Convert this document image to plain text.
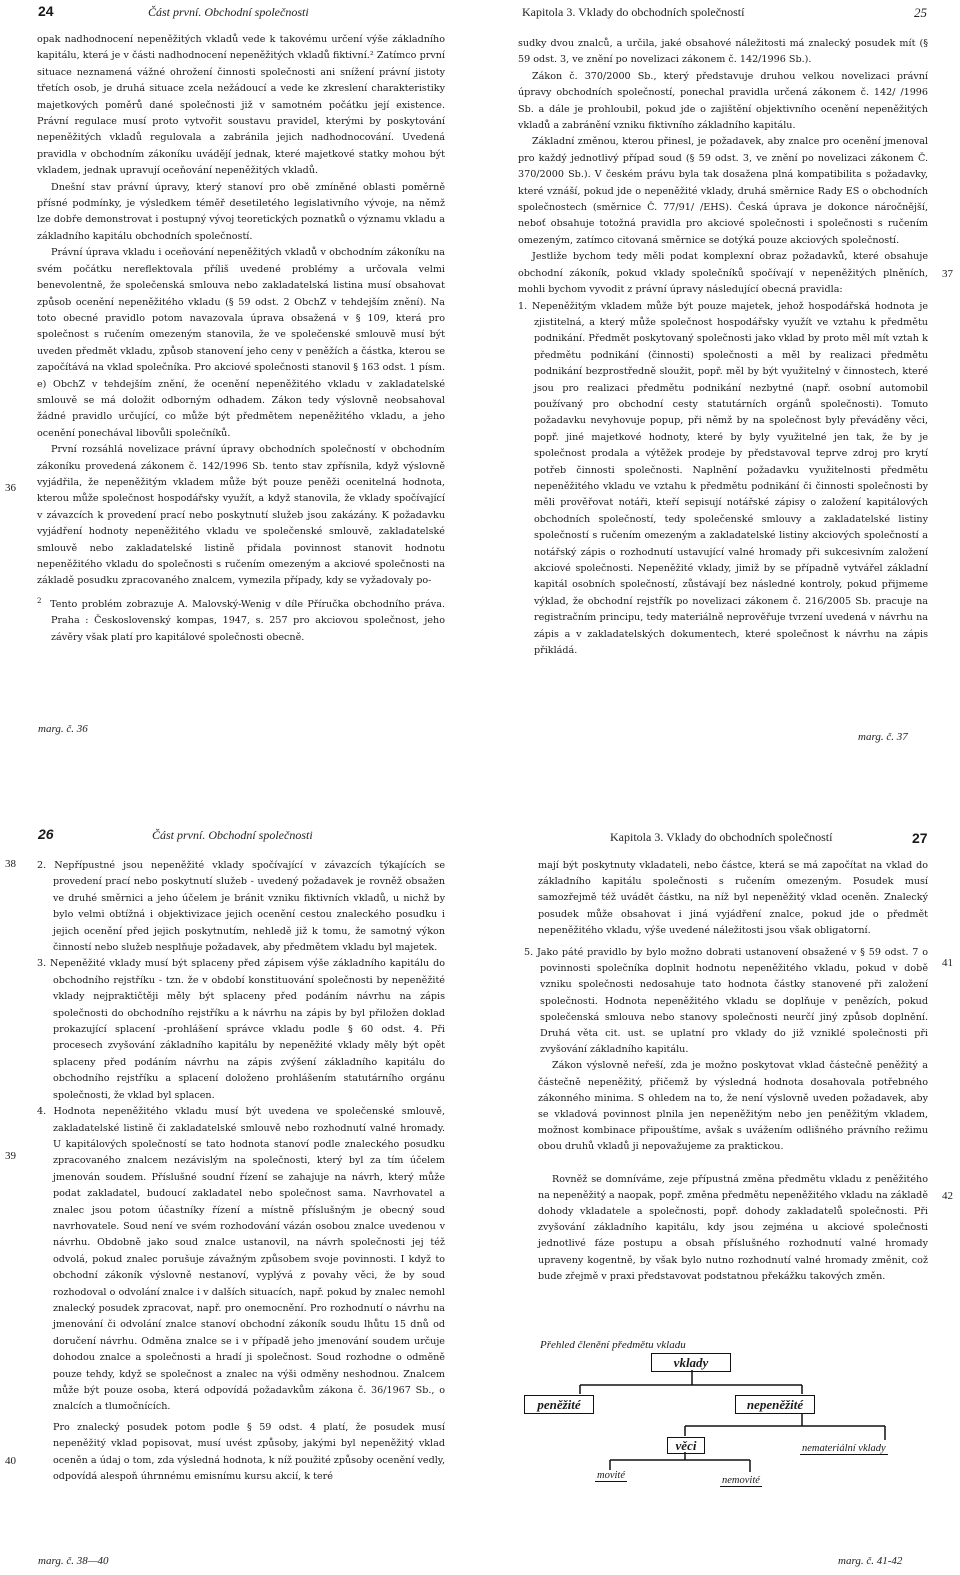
24	Část první. Obchodní společnosti

opak nadhodnocení nepeněžitých vkladů vede k takovému určení výše základního kapitálu, která je v části nadhodnocení nepeněžitých vkladů fiktivní.² Zatímco první situace neznamená vážné ohrožení činnosti společnosti ani snížení právní jistoty třetích osob, je druhá situace zcela nežádoucí a vede ke zkreslení charakteristiky majetkových poměrů dané společnosti již v samotném počátku její existence. Právní regulace musí proto vytvořit soustavu pravidel, kterými by poskytování nepeněžitých vkladů regulovala a zabránila jejich nadhodnocování. Uvedená pravidla v obchodním zákoníku uvádějí jednak, které majetkové statky mohou být vkladem, jednak upravují oceňování nepeněžitých vkladů.

Dnešní stav právní úpravy, který stanoví pro obě zmíněné oblasti poměrně přísné podmínky, je výsledkem téměř desetiletého legislativního vývoje, na němž lze dobře demonstrovat i postupný vývoj teoretických poznatků o významu vkladu a základního kapitálu obchodních společností.

Právní úprava vkladu i oceňování nepeněžitých vkladů v obchodním zákoníku na svém počátku nereflektovala příliš uvedené problémy a určovala velmi benevolentně, že společenská smlouva nebo zakladatelská listina musí obsahovat způsob ocenění nepeněžitého vkladu (§ 59 odst. 2 ObchZ v tehdejším znění). Na toto obecné pravidlo potom navazovala úprava obsažená v § 109, která pro společnost s ručením omezeným stanovila, že ve společenské smlouvě musí být uveden předmět vkladu, způsob stanovení jeho ceny v peněžích a částka, kterou se započítává na vklad společníka. Pro akciové společnosti stanovil § 163 odst. 1 písm. e) ObchZ v tehdejším znění, že ocenění nepeněžitého vkladu v zakladatelské smlouvě se má doložit odborným odhadem. Zákon tedy výslovně neobsahoval žádné pravidlo určující, co může být předmětem nepeněžitého vkladu, a jeho ocenění ponechával libovůli společníků.

První rozsáhlá novelizace právní úpravy obchodních společností v obchodním zákoníku provedená zákonem č. 142/1996 Sb. tento stav zpřísnila, když výslovně vyjádřila, že nepeněžitým vkladem může být pouze peněži ocenitelná hodnota, kterou může společnost hospodářsky využít, a když stanovila, že vklady spočívající v závazcích k provedení prací nebo poskytnutí služeb jsou zakázány. K požadavku vyjádření hodnoty nepeněžitého vkladu ve společenské smlouvě, zakladatelské smlouvě nebo zakladatelské listině přidala povinnost stanovit hodnotu nepeněžitého vkladu do společnosti s ručením omezeným a akciové společnosti na základě posudku zpracovaného znalcem, vymezila případy, kdy se vyžadovaly po-

$^2$ Tento problém zobrazuje A. Malovský-Wenig v díle Příručka obchodního práva. Praha : Československý kompas, 1947, s. 257 pro akciovou společnost, jeho závěry však platí pro kapitálové společnosti obecně.

36
marg. č. 36
Kapitola 3. Vklady do obchodních společností	25

sudky dvou znalců, a určila, jaké obsahové náležitosti má znalecký posudek mít (§ 59 odst. 3, ve znění po novelizaci zákonem č. 142/1996 Sb.).

Zákon č. 370/2000 Sb., který představuje druhou velkou novelizaci právní úpravy obchodních společností, ponechal pravidla určená zákonem č. 142/ /1996 Sb. a dále je prohloubil, pokud jde o zajištění objektivního ocenění nepeněžitých vkladů a zabránění vzniku fiktivního základního kapitálu.

Základní změnou, kterou přinesl, je požadavek, aby znalce pro ocenění jmenoval pro každý jednotlivý případ soud (§ 59 odst. 3, ve znění po novelizaci zákonem Č. 370/2000 Sb.). V českém právu byla tak dosažena plná kompatibilita s požadavky, které vznáší, pokud jde o nepeněžité vklady, druhá směrnice Rady ES o obchodních společnostech (směrnice Č. 77/91/ /EHS). Česká úprava je dokonce náročnější, neboť obsahuje totožná pravidla pro akciové společnosti i společnosti s ručením omezeným, zatímco citovaná směrnice se dotýká pouze akciových společností.

Jestliže bychom tedy měli podat komplexní obraz požadavků, které obsahuje obchodní zákoník, pokud vklady společníků spočívají v nepeněžitých plněních, mohli bychom vyvodit z právní úpravy následující obecná pravidla:

1. Nepeněžitým vkladem může být pouze majetek, jehož hospodářská hodnota je zjistitelná, a který může společnost hospodářsky využít ve vztahu k předmětu podnikání. Předmět poskytovaný společnosti jako vklad by proto měl mít vztah k předmětu podnikání (činnosti) společnosti a měl by realizaci předmětu podnikání bezprostředně sloužit, popř. měl by být využitelný v činnostech, které jsou pro realizaci předmětu podnikání nezbytné (např. osobní automobil používaný pro obchodní cesty statutárních orgánů společnosti). Tomuto požadavku nevyhovuje popup, při němž by na společnost byly převáděny věci, popř. jiné majetkové hodnoty, které by byly využitelné jen tak, že by je společnost prodala a výtěžek prodeje by představoval teprve zdroj pro krytí potřeb činnosti společnosti. Naplnění požadavku využitelnosti předmětu nepeněžitého vkladu ve vztahu k předmětu podnikání či činnosti společnosti by měli prověřovat notáři, kteří sepisují notářské zápisy o založení kapitálových obchodních společností, tedy společenské smlouvy a zakladatelské listiny společností s ručením omezeným a zakladatelské listiny akciových společností a notářský zápis o rozhodnutí ustavující valné hromady při sukcesivním založení akciové společnosti. Nepeněžité vklady, jimiž by se případně vytvářel základní kapitál osobních společností, zůstávají bez následné kontroly, pokud přijmeme výklad, že obchodní rejstřík po novelizaci zákonem č. 216/2005 Sb. pracuje na registračním principu, tedy materiálně neprověřuje tvrzení uvedená v návrhu na zápis a v zakladatelských dokumentech, které společnost k návrhu na zápis přikládá.

37
marg. č. 37
26	Část první. Obchodní společnosti

2. Nepřípustné jsou nepeněžité vklady spočívající v závazcích týkajících se provedení prací nebo poskytnutí služeb - uvedený požadavek je rovněž obsažen ve druhé směrnici a jeho účelem je bránit vzniku fiktivních vkladů, u nichž by bylo velmi obtížná i objektivizace jejich ocenění cestou znaleckého posudku i jejich ocenění před jejich poskytnutím, nehledě již k tomu, že samotný výkon činností nebo služeb nesplňuje požadavek, aby předmětem vkladu byl majetek.

3. Nepeněžité vklady musí být splaceny před zápisem výše základního kapitálu do obchodního rejstříku - tzn. že v období konstituování společnosti by nepeněžité vklady nejpraktičtěji měly být splaceny před podáním návrhu na zápis společnosti do obchodního rejstříku a k návrhu na zápis by byl přiložen doklad prokazující splacení -prohlášení správce vkladu podle § 60 odst. 4. Při procesech zvyšování základního kapitálu by nepeněžité vklady měly být opět splaceny před podáním návrhu na zápis zvýšení základního kapitálu do obchodního rejstříku a splacení doloženo prohlášením statutárního orgánu společnosti, že vklad byl splacen.

4. Hodnota nepeněžitého vkladu musí být uvedena ve společenské smlouvě, zakladatelské listině či zakladatelské smlouvě nebo rozhodnutí valné hromady. U kapitálových společností se tato hodnota stanoví podle znaleckého posudku zpracovaného znalcem nezávislým na společnosti, který byl za tím účelem jmenován soudem. Příslušné soudní řízení se zahajuje na návrh, který může podat zakladatel, budoucí zakladatel nebo společnost sama. Navrhovatel a znalec jsou potom účastníky řízení a místně příslušným je obecný soud navrhovatele. Soud není ve svém rozhodování vázán osobou znalce uvedenou v návrhu. Obdobně jako soud znalce ustanovil, na návrh společnosti jej též odvolá, pokud znalec porušuje závažným způsobem svoje povinnosti. I když to obchodní zákoník výslovně nestanoví, vyplývá z povahy věci, že by soud rozhodoval o odvolání znalce i v dalších situacích, např. pokud by znalec nemohl znalecký posudek zpracovat, např. pro onemocnění. Pro rozhodnutí o návrhu na jmenování či odvolání znalce stanoví obchodní zákoník soudu lhůtu 15 dnů od doručení návrhu. Odměna znalce se i v případě jeho jmenování soudem určuje dohodou znalce a společnosti a hradí ji společnost. Soud rozhodne o odměně pouze tehdy, když se společnost a znalec na výši odměny neshodnou. Znalcem může být pouze osoba, která odpovídá požadavkům zákona č. 36/1967 Sb., o znalcích a tlumočnících.

Pro znalecký posudek potom podle § 59 odst. 4 platí, že posudek musí nepeněžitý vklad popisovat, musí uvést způsoby, jakými byl nepeněžitý vklad oceněn a údaj o tom, zda výsledná hodnota, k níž použité způsoby ocenění vedly, odpovídá alespoň úhrnnému emisnímu kursu akcií, k teré

38
39
40
marg. č. 38—40
Kapitola 3. Vklady do obchodních společností	27

mají být poskytnuty vkladateli, nebo částce, která se má započítat na vklad do základního kapitálu společnosti s ručením omezeným. Posudek musí samozřejmě též uvádět částku, na níž byl nepeněžitý vklad oceněn. Znalecký posudek může obsahovat i jiná vyjádření znalce, pokud jde o předmět nepeněžitého vkladu, výše uvedené náležitosti jsou však obligatorní.

5. Jako páté pravidlo by bylo možno dobrati ustanovení obsažené v § 59 odst. 7 o povinnosti společníka doplnit hodnotu nepeněžitého vkladu, pokud v době vzniku společnosti nedosahuje tato hodnota částky stanovené při založení společnosti. Hodnota nepeněžitého vkladu se doplňuje v penězích, pokud společenská smlouva nebo stanovy společnosti neurčí jiný způsob doplnění. Druhá věta cit. ust. se uplatní pro vklady do již vzniklé společnosti při zvyšování základního kapitálu.

Zákon výslovně neřeší, zda je možno poskytovat vklad částečně peněžitý a částečně nepeněžitý, přičemž by výsledná hodnota dosahovala potřebného zákonného minima. S ohledem na to, že není výslovně uveden požadavek, aby se vkladová povinnost plnila jen nepeněžitým nebo jen peněžitým vkladem, možnost kombinace připouštíme, avšak s uvážením odlišného právního režimu obou druhů vkladů ji nepovažujeme za praktickou.

Rovněž se domníváme, zeje přípustná změna předmětu vkladu z peněžitého na nepeněžitý a naopak, popř. změna předmětu nepeněžitého vkladu na základě dohody vkladatele a společnosti, popř. dohody zakladatelů společnosti. Při zvyšování základního kapitálu, kdy jsou zejména u akciové společnosti jednotlivé fáze postupu a obsah příslušného rozhodnutí valné hromady upraveny kogentně, by však bylo nutno rozhodnutí valné hromady změnit, což bude zřejmě v praxi představovat podstatnou překážku takových změn.

41
42
marg. č. 41-42
Přehled členění předmětu vkladu
vklady
peněžité	nepeněžité
věci	nemateriální vklady
movité	nemovité
